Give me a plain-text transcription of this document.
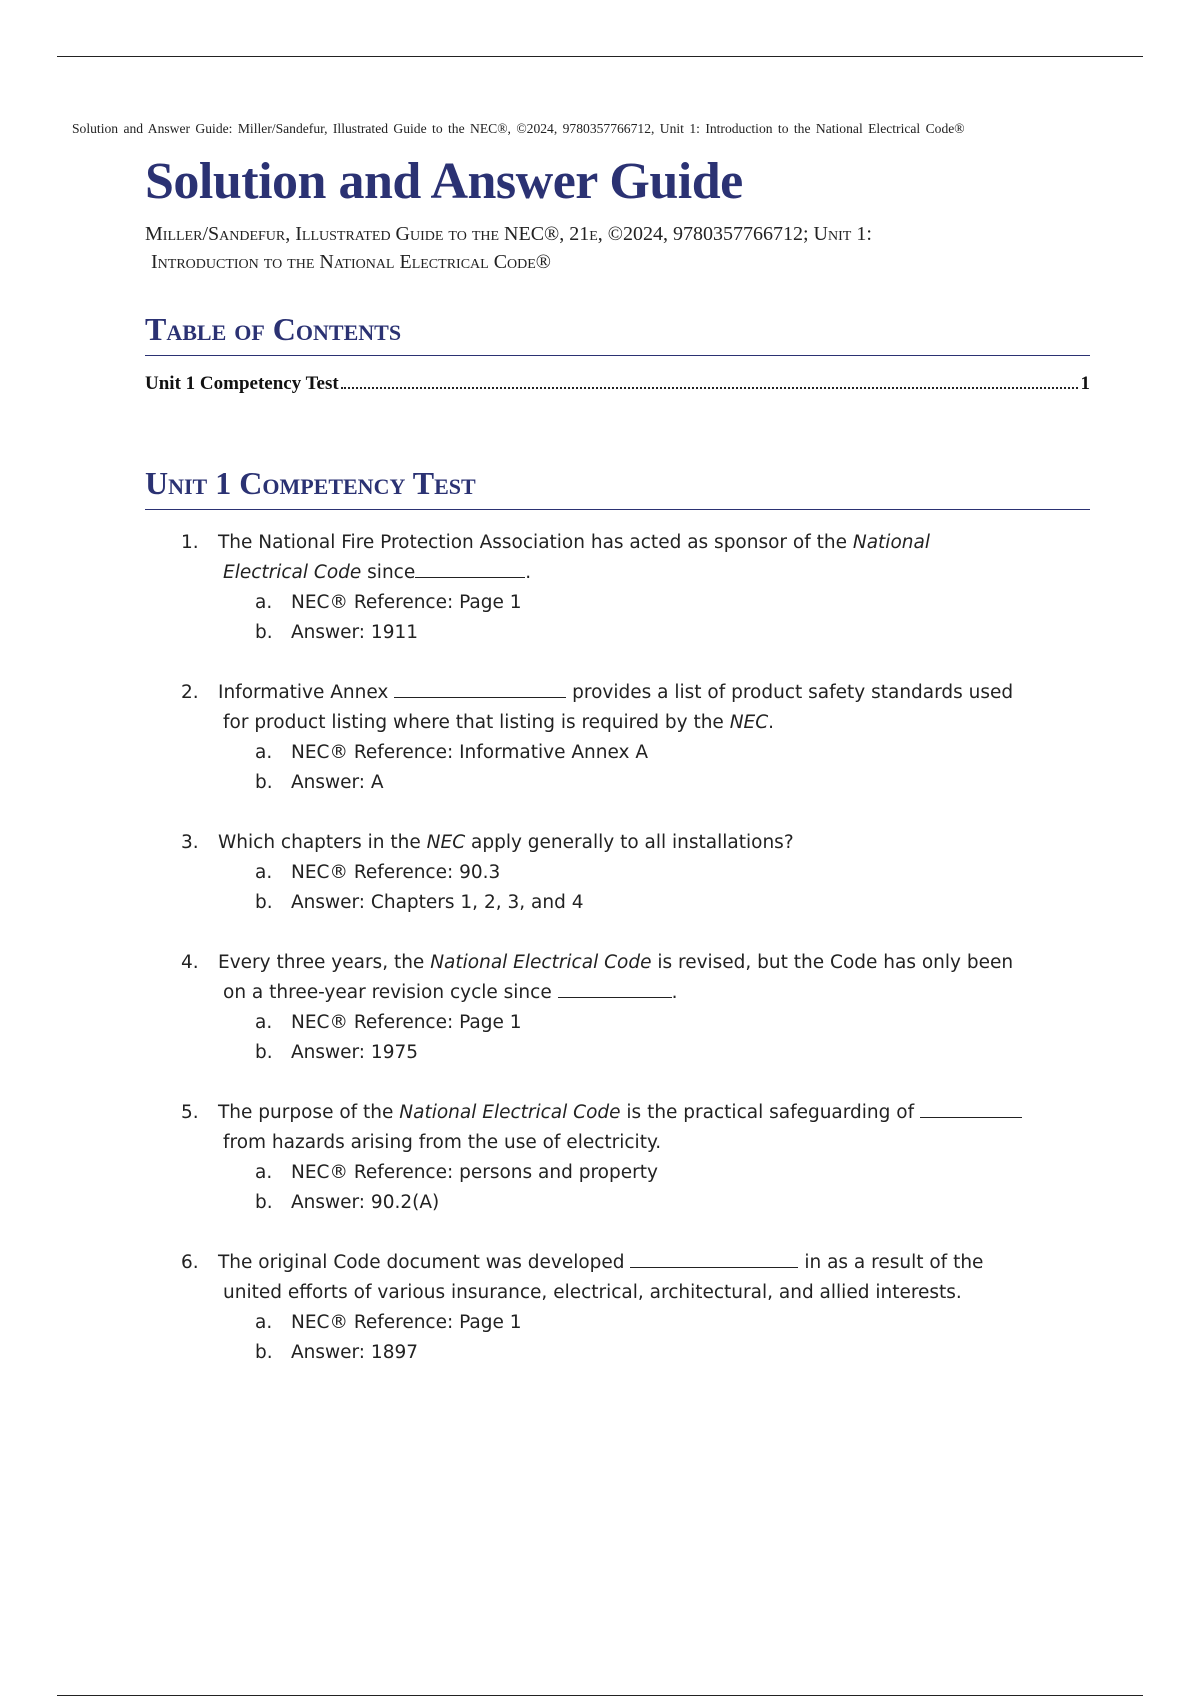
Solution and Answer Guide: Miller/Sandefur, Illustrated Guide to the NEC®, ©2024, 9780357766712, Unit 1: Introduction to the National Electrical Code®
Solution and Answer Guide
Miller/Sandefur, Illustrated Guide to the NEC®, 21e, ©2024, 9780357766712; Unit 1:
Introduction to the National Electrical Code®
Table of Contents
Unit 1 Competency Test	1
Unit 1 Competency Test
1. The National Fire Protection Association has acted as sponsor of the National
Electrical Code since	.
a.	NEC® Reference: Page 1
b. Answer: 1911
2. Informative Annex	provides a list of product safety standards used
for product listing where that listing is required by the NEC.
a.	NEC® Reference: Informative Annex A
b. Answer: A
3. Which chapters in the NEC apply generally to all installations?
a.	NEC® Reference: 90.3
b. Answer: Chapters 1, 2, 3, and 4
4. Every three years, the National Electrical Code is revised, but the Code has only been
on a three-year revision cycle since	.
a.	NEC® Reference: Page 1
b. Answer: 1975
5. The purpose of the National Electrical Code is the practical safeguarding of
from hazards arising from the use of electricity.
a.	NEC® Reference: persons and property
b. Answer: 90.2(A)
6. The original Code document was developed	in as a result of the
united efforts of various insurance, electrical, architectural, and allied interests.
a.	NEC® Reference: Page 1
b. Answer: 1897
